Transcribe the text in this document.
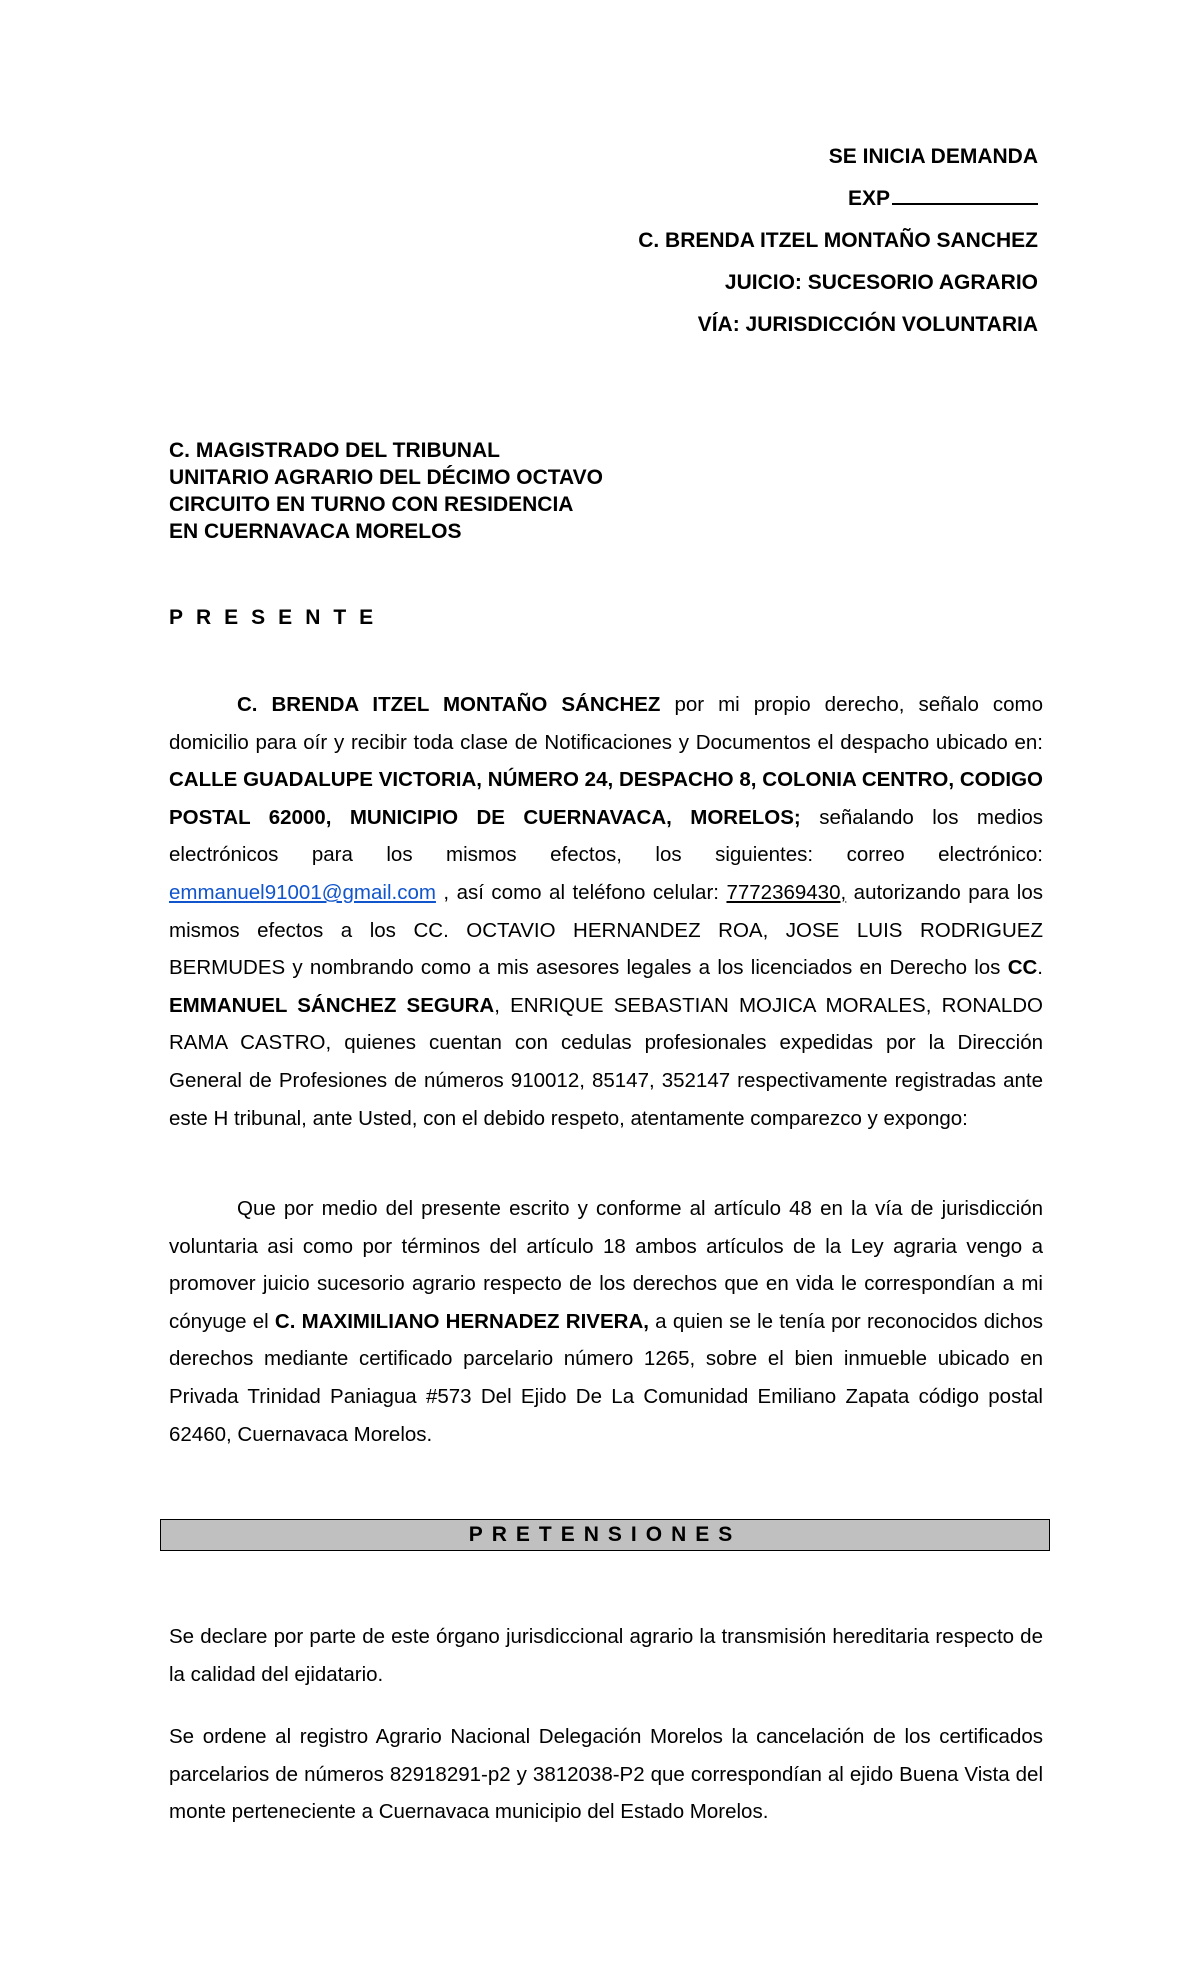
SE INICIA DEMANDA
EXP
C. BRENDA ITZEL MONTAÑO SANCHEZ
JUICIO: SUCESORIO AGRARIO
VÍA: JURISDICCIÓN VOLUNTARIA
C. MAGISTRADO DEL TRIBUNAL
UNITARIO AGRARIO DEL DÉCIMO OCTAVO
CIRCUITO EN TURNO CON RESIDENCIA
EN CUERNAVACA MORELOS
PRESENTE
C. BRENDA ITZEL MONTAÑO SÁNCHEZ por mi propio derecho, señalo como domicilio para oír y recibir toda clase de Notificaciones y Documentos el despacho ubicado en: CALLE GUADALUPE VICTORIA, NÚMERO 24, DESPACHO 8, COLONIA CENTRO, CODIGO POSTAL 62000, MUNICIPIO DE CUERNAVACA, MORELOS; señalando los medios electrónicos para los mismos efectos, los siguientes: correo electrónico: emmanuel91001@gmail.com , así como al teléfono celular: 7772369430, autorizando para los mismos efectos a los CC. OCTAVIO HERNANDEZ ROA, JOSE LUIS RODRIGUEZ BERMUDES y nombrando como a mis asesores legales a los licenciados en Derecho los CC. EMMANUEL SÁNCHEZ SEGURA, ENRIQUE SEBASTIAN MOJICA MORALES, RONALDO RAMA CASTRO, quienes cuentan con cedulas profesionales expedidas por la Dirección General de Profesiones de números 910012, 85147, 352147 respectivamente registradas ante este H tribunal, ante Usted, con el debido respeto, atentamente comparezco y expongo:
Que por medio del presente escrito y conforme al artículo 48 en la vía de jurisdicción voluntaria asi como por términos del artículo 18 ambos artículos de la Ley agraria vengo a promover juicio sucesorio agrario respecto de los derechos que en vida le correspondían a mi cónyuge el C. MAXIMILIANO HERNADEZ RIVERA, a quien se le tenía por reconocidos dichos derechos mediante certificado parcelario número 1265, sobre el bien inmueble ubicado en Privada Trinidad Paniagua #573 Del Ejido De La Comunidad Emiliano Zapata código postal 62460, Cuernavaca Morelos.
PRETENSIONES
Se declare por parte de este órgano jurisdiccional agrario la transmisión hereditaria respecto de la calidad del ejidatario.
Se ordene al registro Agrario Nacional Delegación Morelos la cancelación de los certificados parcelarios de números 82918291-p2 y 3812038-P2 que correspondían al ejido Buena Vista del monte perteneciente a Cuernavaca municipio del Estado Morelos.
